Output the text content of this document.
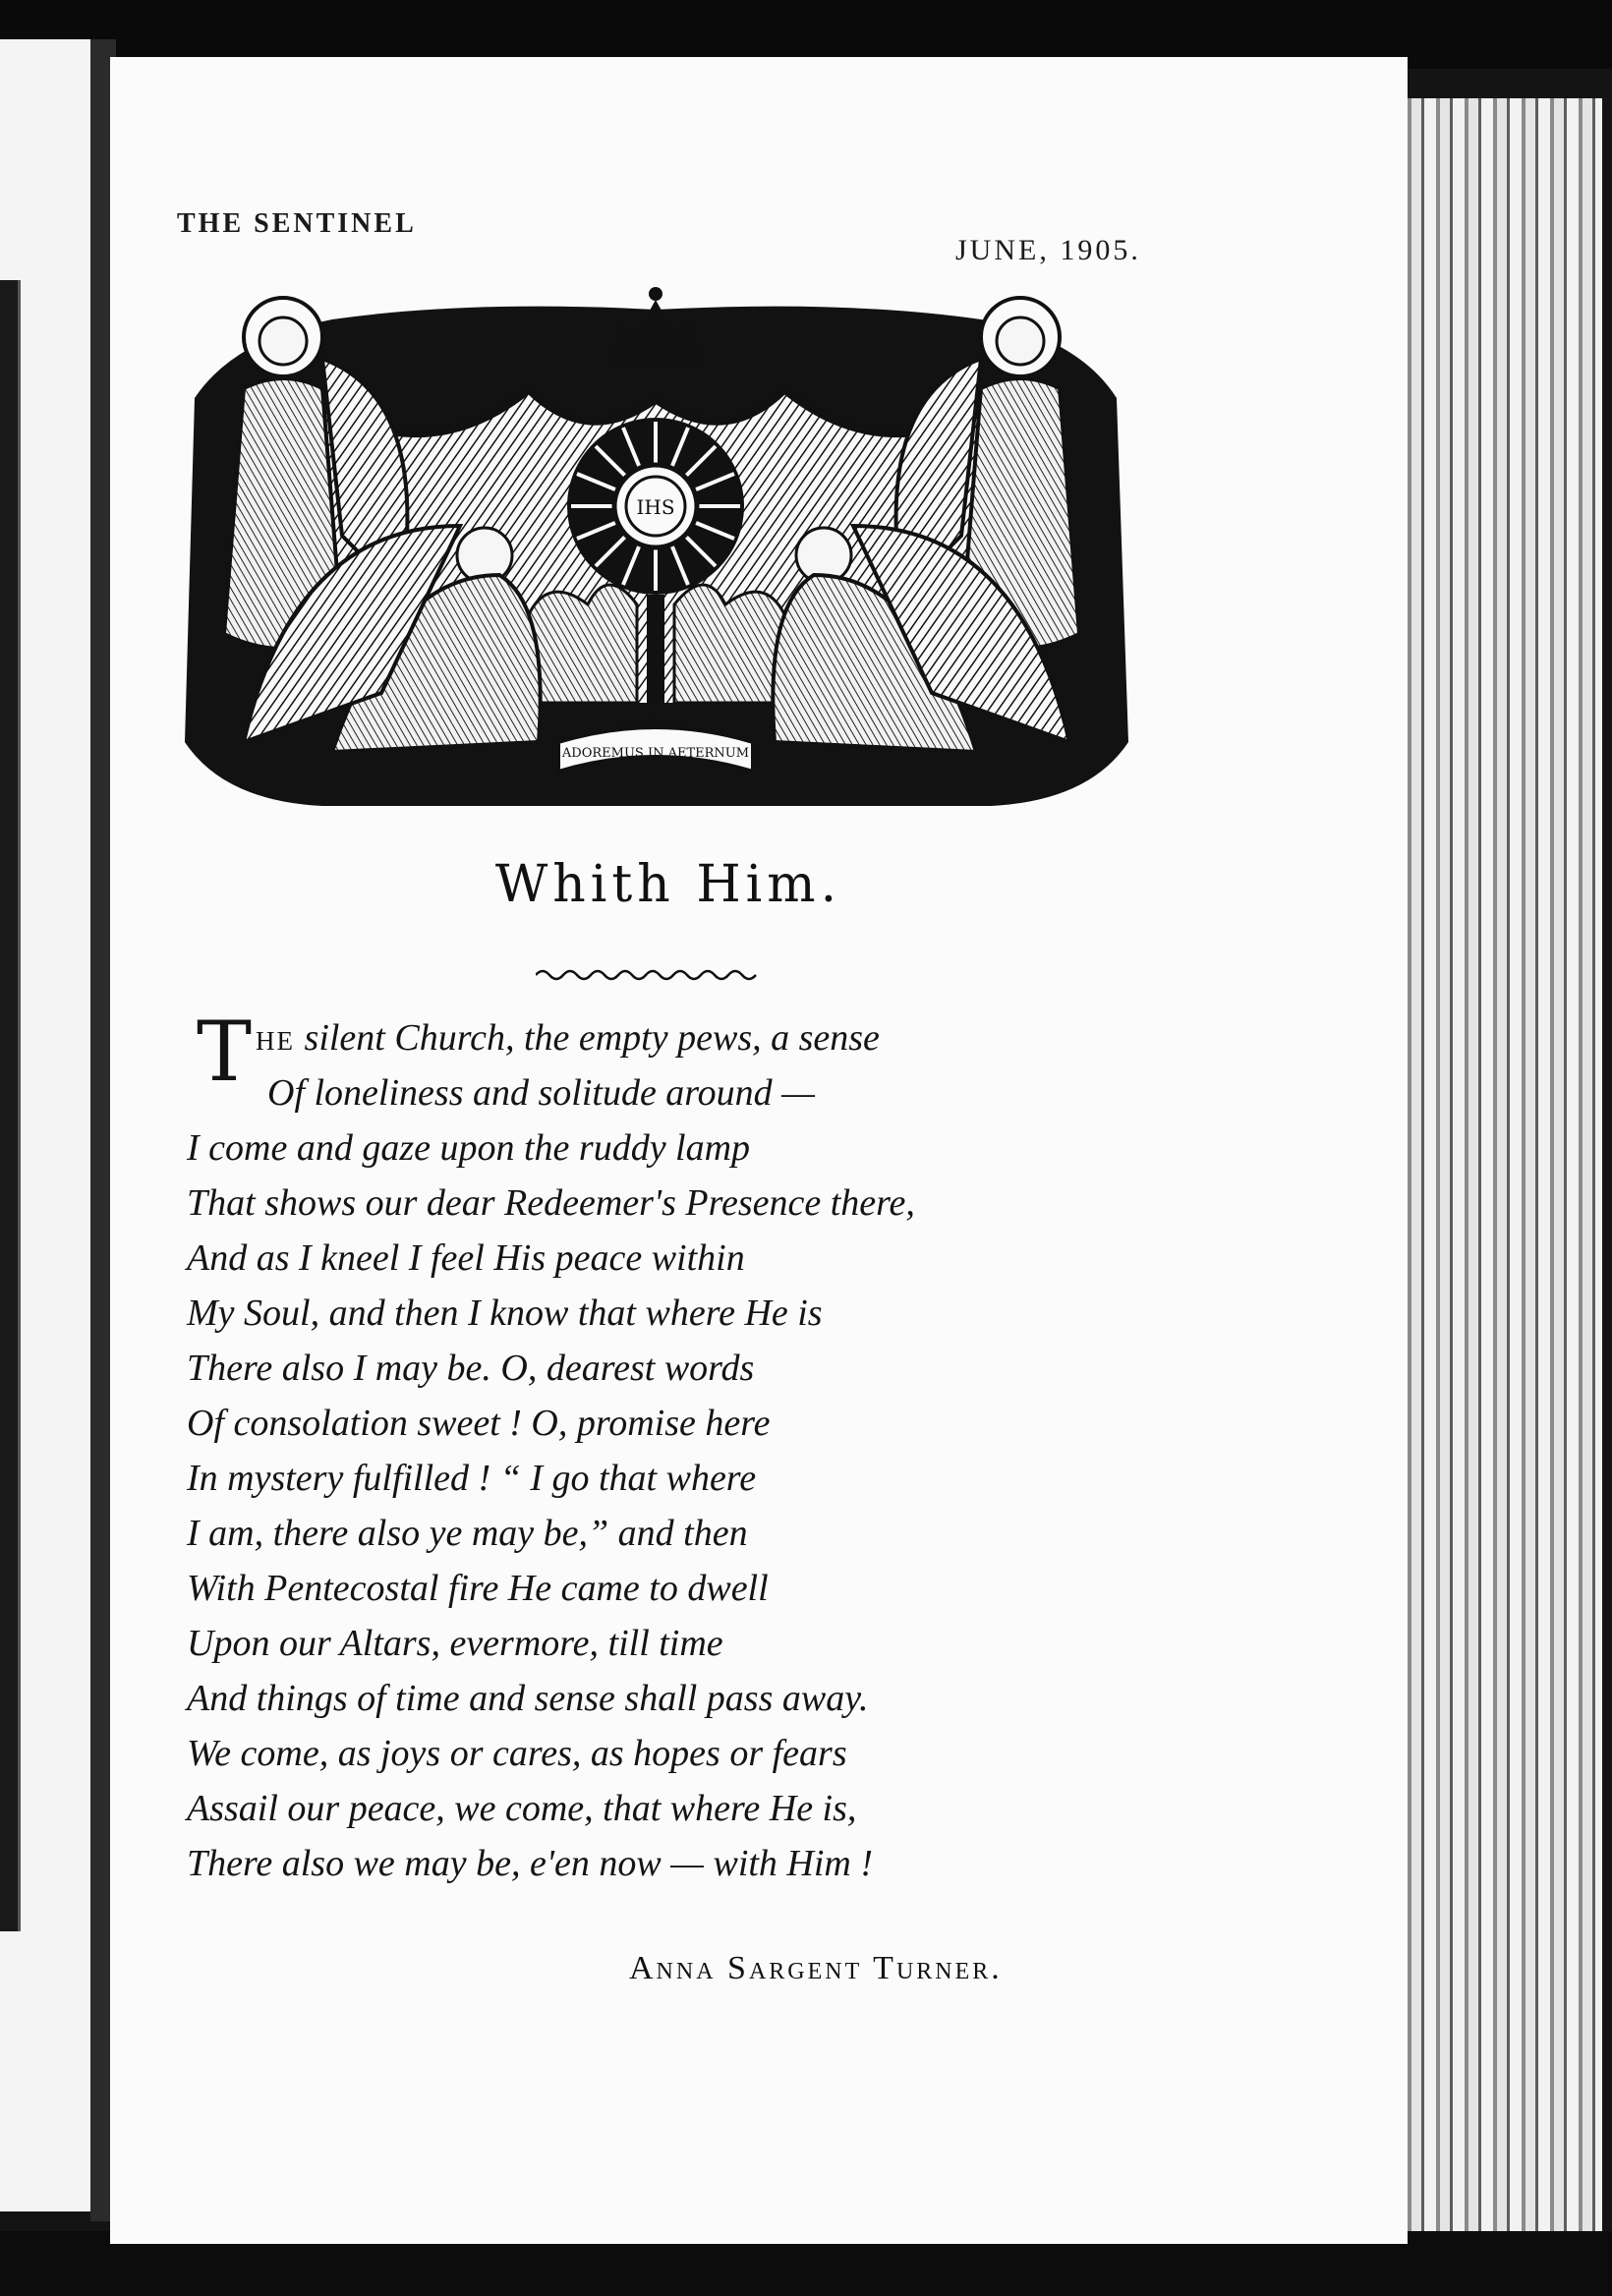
THE SENTINEL
JUNE, 1905.
IHS
ADOREMUS IN AETERNUM
Whith Him.
The silent Church, the empty pews, a sense
Of loneliness and solitude around —
I come and gaze upon the ruddy lamp
That shows our dear Redeemer's Presence there,
And as I kneel I feel His peace within
My Soul, and then I know that where He is
There also I may be. O, dearest words
Of consolation sweet ! O, promise here
In mystery fulfilled ! “ I go that where
I am, there also ye may be,” and then
With Pentecostal fire He came to dwell
Upon our Altars, evermore, till time
And things of time and sense shall pass away.
We come, as joys or cares, as hopes or fears
Assail our peace, we come, that where He is,
There also we may be, e'en now — with Him !

Anna Sargent Turner.
